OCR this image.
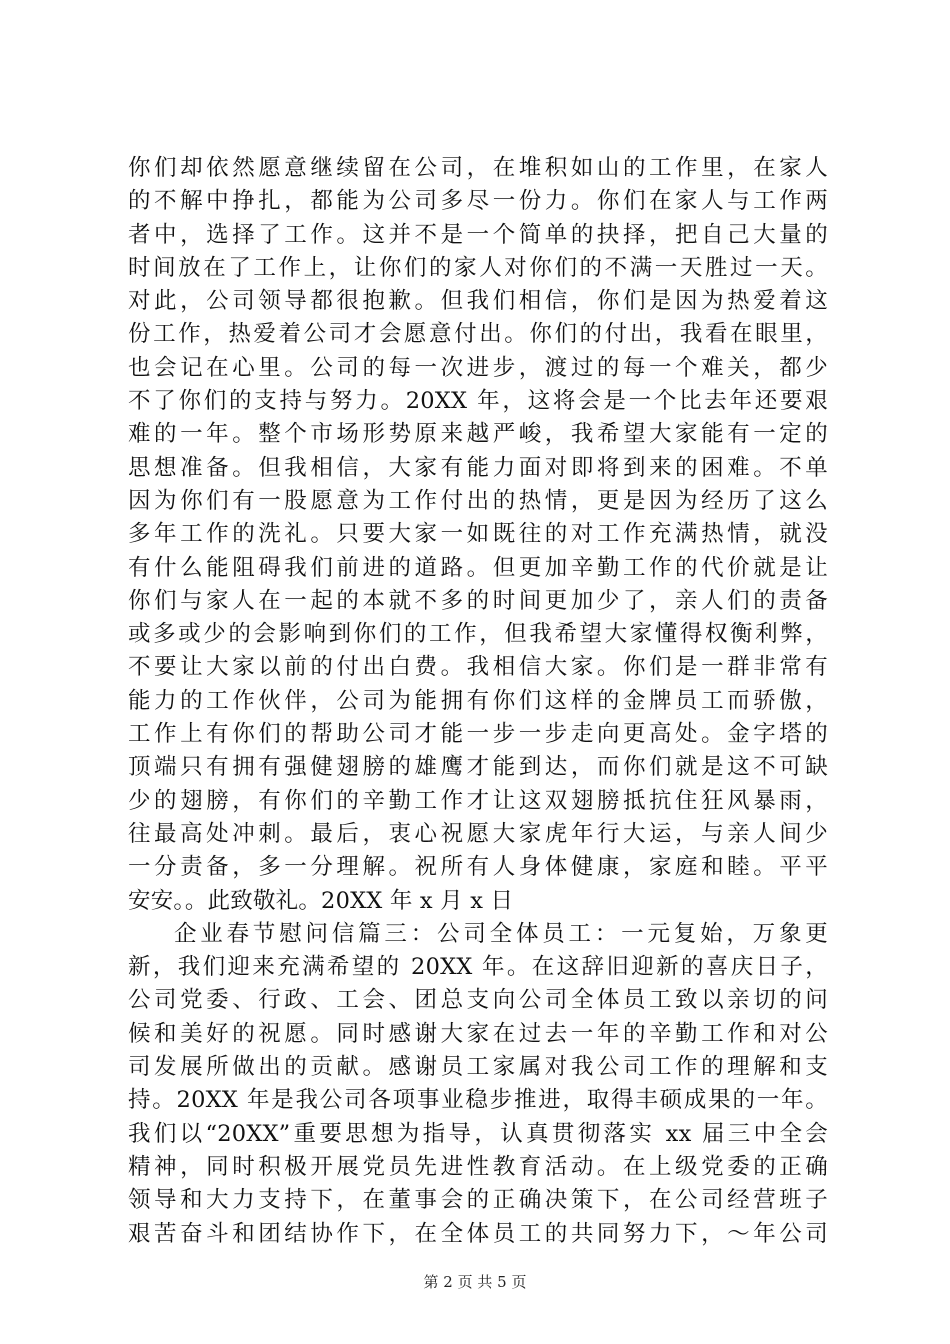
你们却依然愿意继续留在公司，在堆积如山的工作里，在家人
的不解中挣扎，都能为公司多尽一份力。你们在家人与工作两
者中，选择了工作。这并不是一个简单的抉择，把自己大量的
时间放在了工作上，让你们的家人对你们的不满一天胜过一天。
对此，公司领导都很抱歉。但我们相信，你们是因为热爱着这
份工作，热爱着公司才会愿意付出。你们的付出，我看在眼里，
也会记在心里。公司的每一次进步，渡过的每一个难关，都少
不了你们的支持与努力。20XX 年，这将会是一个比去年还要艰
难的一年。整个市场形势原来越严峻，我希望大家能有一定的
思想准备。但我相信，大家有能力面对即将到来的困难。不单
因为你们有一股愿意为工作付出的热情，更是因为经历了这么
多年工作的洗礼。只要大家一如既往的对工作充满热情，就没
有什么能阻碍我们前进的道路。但更加辛勤工作的代价就是让
你们与家人在一起的本就不多的时间更加少了，亲人们的责备
或多或少的会影响到你们的工作，但我希望大家懂得权衡利弊，
不要让大家以前的付出白费。我相信大家。你们是一群非常有
能力的工作伙伴，公司为能拥有你们这样的金牌员工而骄傲，
工作上有你们的帮助公司才能一步一步走向更高处。金字塔的
顶端只有拥有强健翅膀的雄鹰才能到达，而你们就是这不可缺
少的翅膀，有你们的辛勤工作才让这双翅膀抵抗住狂风暴雨，
往最高处冲刺。最后，衷心祝愿大家虎年行大运，与亲人间少
一分责备，多一分理解。祝所有人身体健康，家庭和睦。平平
安安。。此致敬礼。20XX 年 x 月 x 日
企业春节慰问信篇三：公司全体员工：一元复始，万象更
新，我们迎来充满希望的 20XX 年。在这辞旧迎新的喜庆日子，
公司党委、行政、工会、团总支向公司全体员工致以亲切的问
候和美好的祝愿。同时感谢大家在过去一年的辛勤工作和对公
司发展所做出的贡献。感谢员工家属对我公司工作的理解和支
持。20XX 年是我公司各项事业稳步推进，取得丰硕成果的一年。
我们以“20XX”重要思想为指导，认真贯彻落实 xx 届三中全会
精神，同时积极开展党员先进性教育活动。在上级党委的正确
领导和大力支持下，在董事会的正确决策下，在公司经营班子
艰苦奋斗和团结协作下，在全体员工的共同努力下，～年公司
第 2 页 共 5 页
